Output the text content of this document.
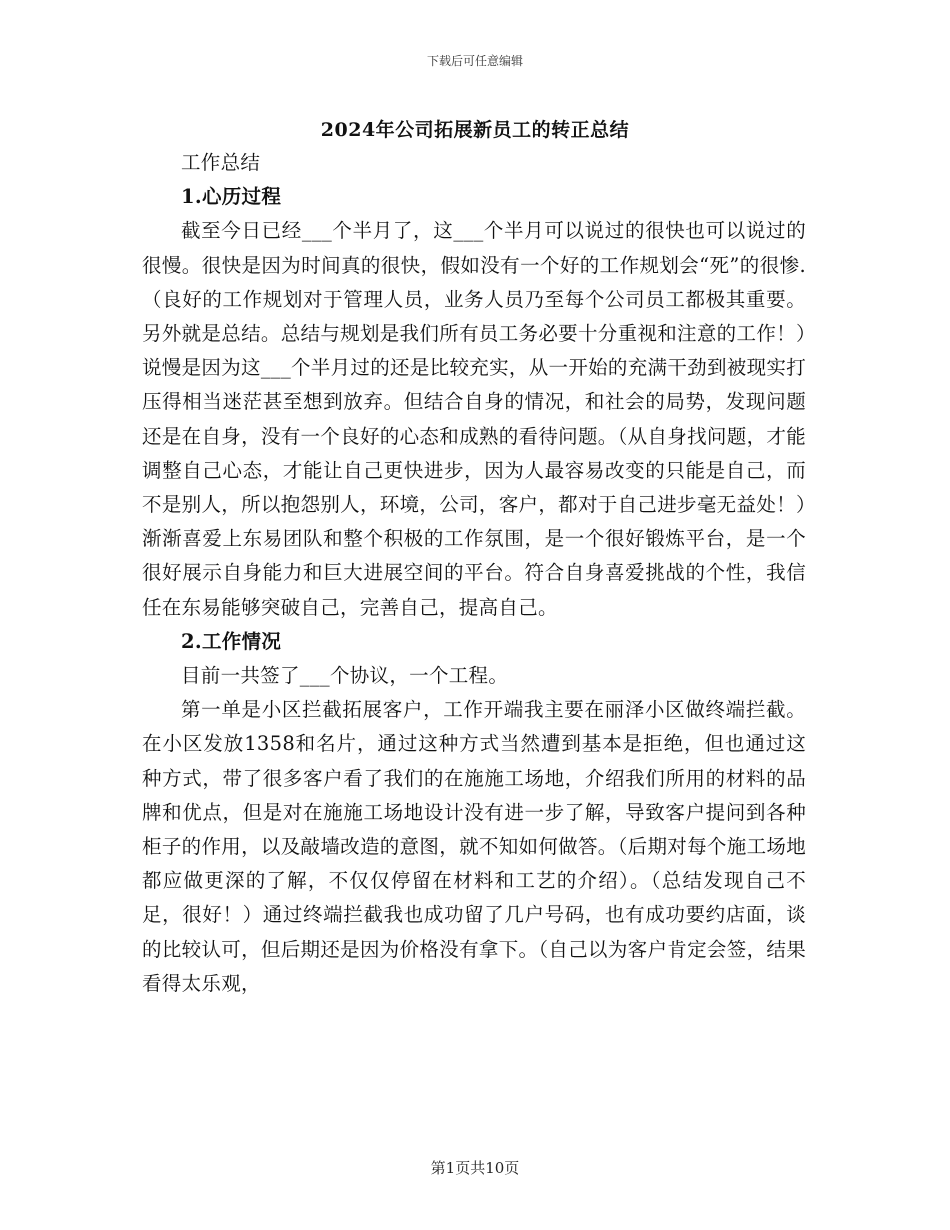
下载后可任意编辑
2024年公司拓展新员工的转正总结

工作总结

1.心历过程

截至今日已经___个半月了，这___个半月可以说过的很快也可以说过的很慢。很快是因为时间真的很快，假如没有一个好的工作规划会“死”的很惨.（良好的工作规划对于管理人员，业务人员乃至每个公司员工都极其重要。另外就是总结。总结与规划是我们所有员工务必要十分重视和注意的工作！）说慢是因为这___个半月过的还是比较充实，从一开始的充满干劲到被现实打压得相当迷茫甚至想到放弃。但结合自身的情况，和社会的局势，发现问题还是在自身，没有一个良好的心态和成熟的看待问题。（从自身找问题，才能调整自己心态，才能让自己更快进步，因为人最容易改变的只能是自己，而不是别人，所以抱怨别人，环境，公司，客户，都对于自己进步毫无益处！）渐渐喜爱上东易团队和整个积极的工作氛围，是一个很好锻炼平台，是一个很好展示自身能力和巨大进展空间的平台。符合自身喜爱挑战的个性，我信任在东易能够突破自己，完善自己，提高自己。

2.工作情况

目前一共签了___个协议，一个工程。

第一单是小区拦截拓展客户，工作开端我主要在丽泽小区做终端拦截。在小区发放1358和名片，通过这种方式当然遭到基本是拒绝，但也通过这种方式，带了很多客户看了我们的在施施工场地，介绍我们所用的材料的品牌和优点，但是对在施施工场地设计没有进一步了解，导致客户提问到各种柜子的作用，以及敲墙改造的意图，就不知如何做答。（后期对每个施工场地都应做更深的了解，不仅仅停留在材料和工艺的介绍）。（总结发现自己不足，很好！）通过终端拦截我也成功留了几户号码，也有成功要约店面，谈的比较认可，但后期还是因为价格没有拿下。（自己以为客户肯定会签，结果看得太乐观，

第1页共10页
